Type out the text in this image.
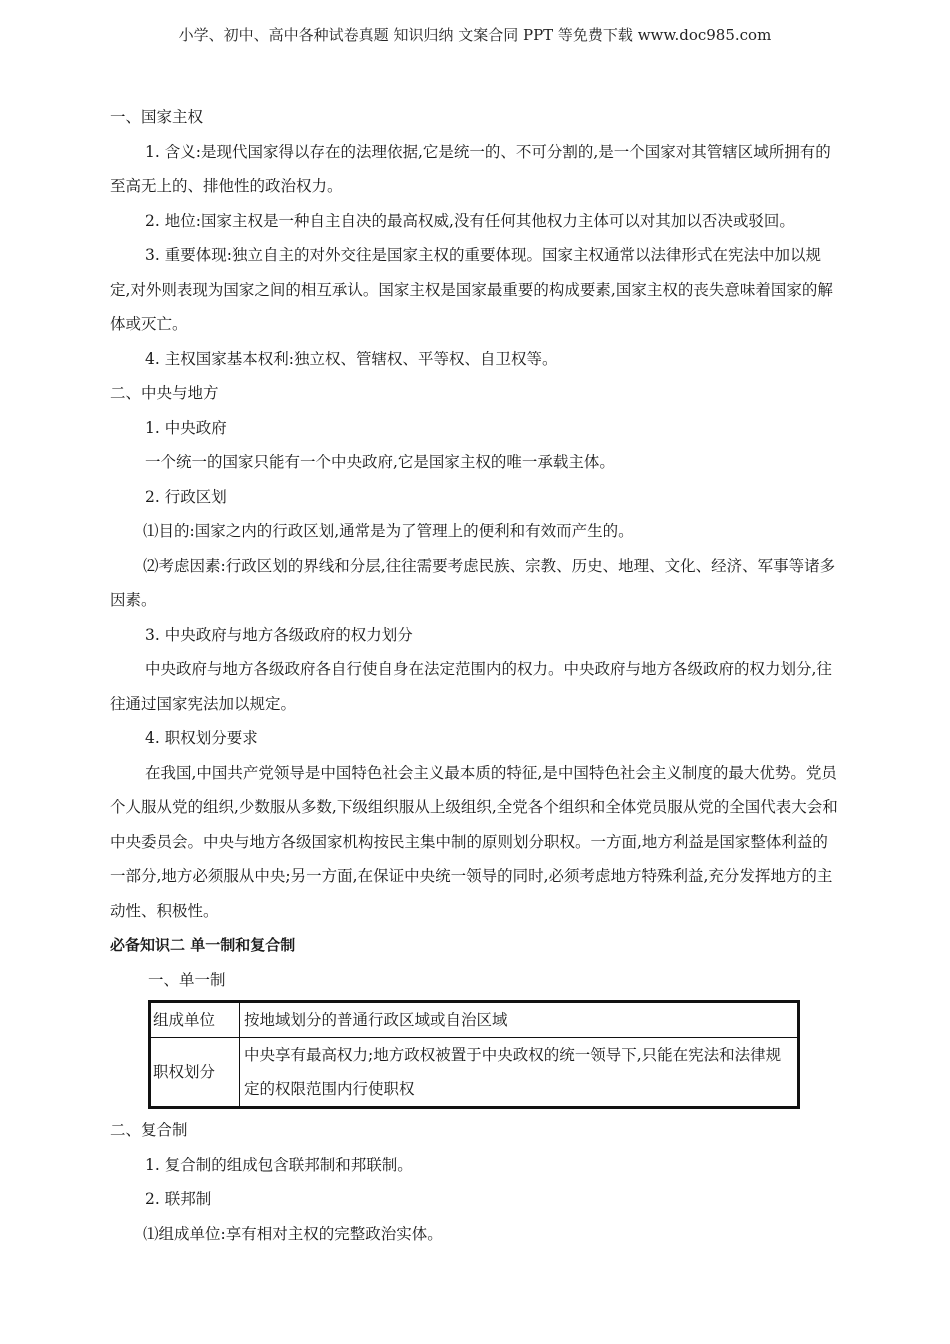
小学、初中、高中各种试卷真题 知识归纳 文案合同 PPT 等免费下载 www.doc985.com

一、国家主权

1. 含义:是现代国家得以存在的法理依据,它是统一的、不可分割的,是一个国家对其管辖区域所拥有的至高无上的、排他性的政治权力。

2. 地位:国家主权是一种自主自决的最高权威,没有任何其他权力主体可以对其加以否决或驳回。

3. 重要体现:独立自主的对外交往是国家主权的重要体现。国家主权通常以法律形式在宪法中加以规定,对外则表现为国家之间的相互承认。国家主权是国家最重要的构成要素,国家主权的丧失意味着国家的解体或灭亡。

4. 主权国家基本权利:独立权、管辖权、平等权、自卫权等。

二、中央与地方

1. 中央政府

一个统一的国家只能有一个中央政府,它是国家主权的唯一承载主体。

2. 行政区划

⑴目的:国家之内的行政区划,通常是为了管理上的便利和有效而产生的。

⑵考虑因素:行政区划的界线和分层,往往需要考虑民族、宗教、历史、地理、文化、经济、军事等诸多因素。

3. 中央政府与地方各级政府的权力划分

中央政府与地方各级政府各自行使自身在法定范围内的权力。中央政府与地方各级政府的权力划分,往往通过国家宪法加以规定。

4. 职权划分要求

在我国,中国共产党领导是中国特色社会主义最本质的特征,是中国特色社会主义制度的最大优势。党员个人服从党的组织,少数服从多数,下级组织服从上级组织,全党各个组织和全体党员服从党的全国代表大会和中央委员会。中央与地方各级国家机构按民主集中制的原则划分职权。一方面,地方利益是国家整体利益的一部分,地方必须服从中央;另一方面,在保证中央统一领导的同时,必须考虑地方特殊利益,充分发挥地方的主动性、积极性。

必备知识二 单一制和复合制

一、单一制

组成单位	按地域划分的普通行政区域或自治区域
职权划分	中央享有最高权力;地方政权被置于中央政权的统一领导下,只能在宪法和法律规定的权限范围内行使职权

二、复合制

1. 复合制的组成包含联邦制和邦联制。

2. 联邦制

⑴组成单位:享有相对主权的完整政治实体。
